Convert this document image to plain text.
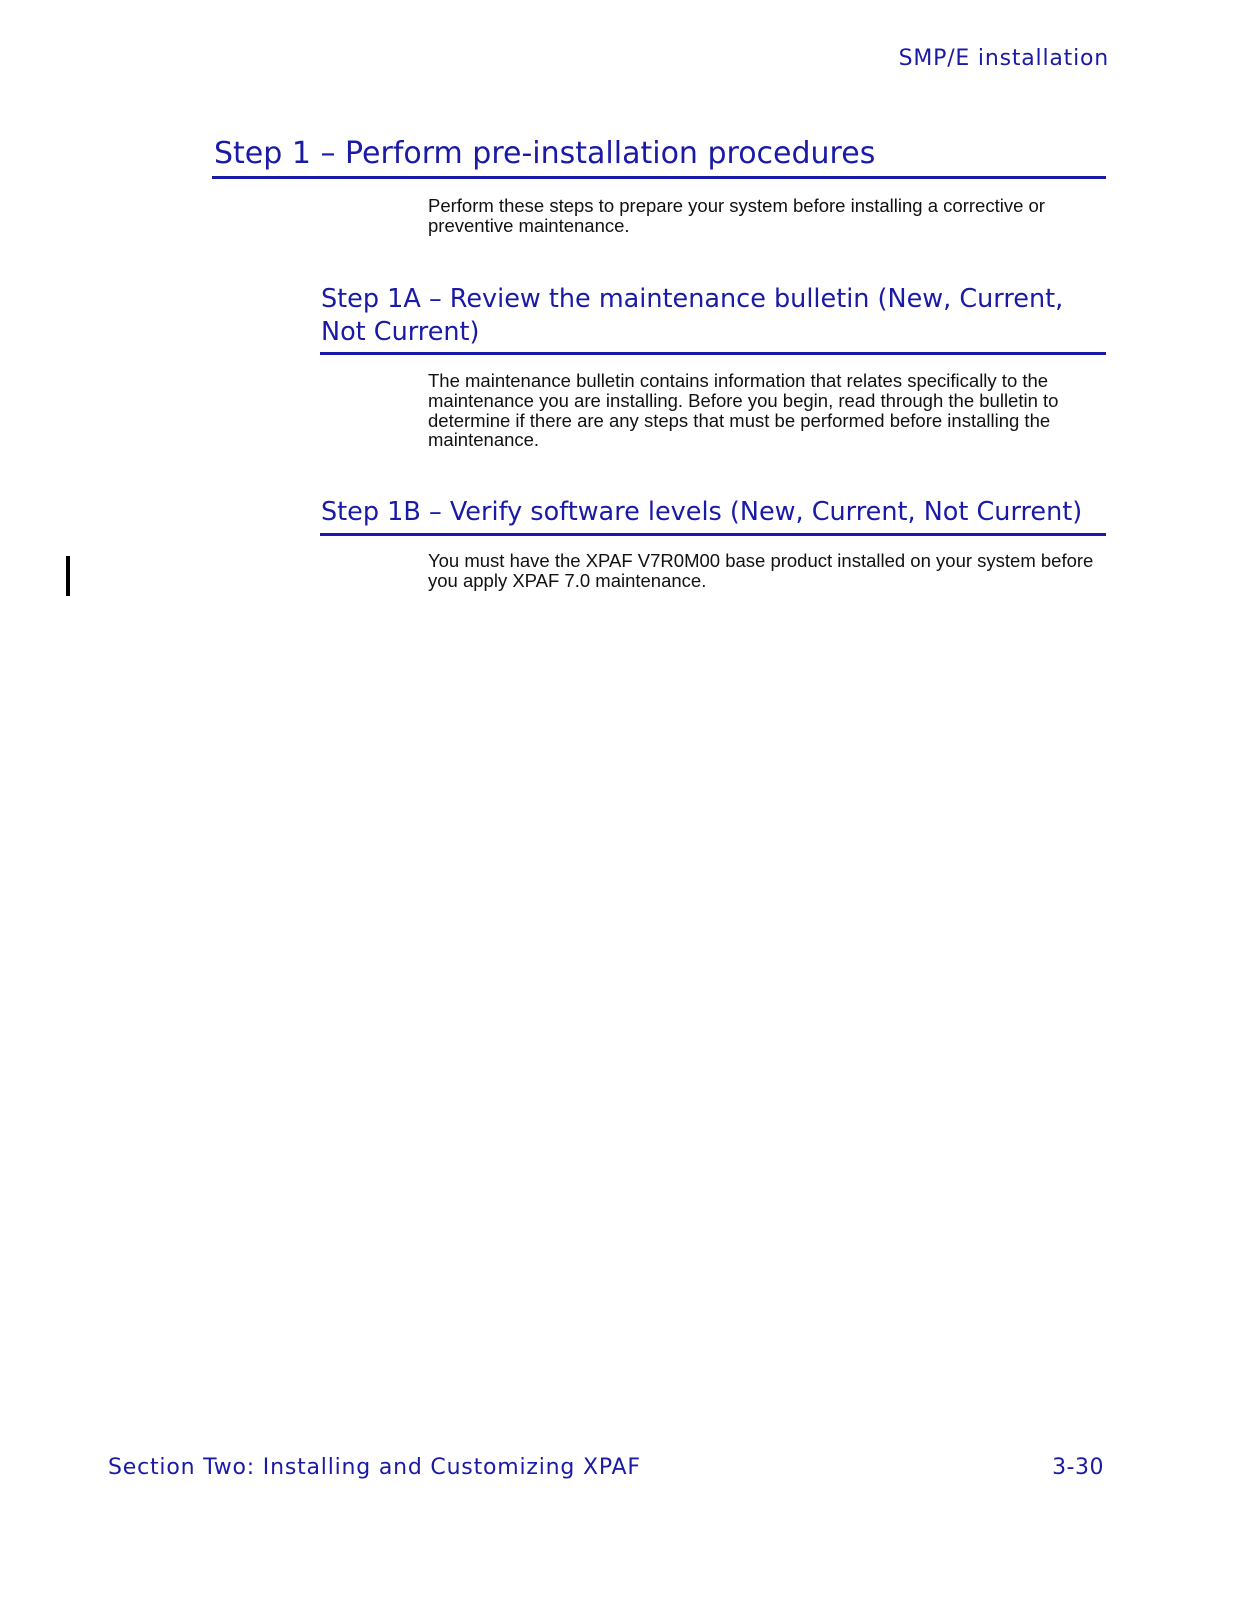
SMP/E installation
Step 1 – Perform pre-installation procedures

Perform these steps to prepare your system before installing a corrective or preventive maintenance.

Step 1A – Review the maintenance bulletin (New, Current,
Not Current)

The maintenance bulletin contains information that relates specifically to the maintenance you are installing. Before you begin, read through the bulletin to determine if there are any steps that must be performed before installing the maintenance.

Step 1B – Verify software levels (New, Current, Not Current)

You must have the XPAF V7R0M00 base product installed on your system before you apply XPAF 7.0 maintenance.

Section Two: Installing and Customizing XPAF	3-30
